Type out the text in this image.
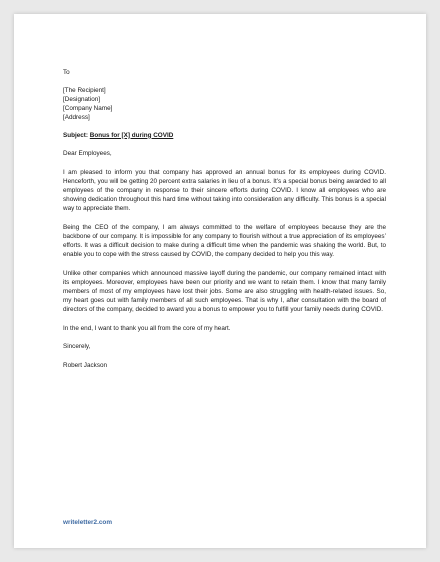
To
[The Recipient]
[Designation]
[Company Name]
[Address]
Subject: Bonus for [X] during COVID
Dear Employees,

I am pleased to inform you that company has approved an annual bonus for its employees during COVID. Henceforth, you will be getting 20 percent extra salaries in lieu of a bonus. It’s a special bonus being awarded to all employees of the company in response to their sincere efforts during COVID. I know all employees who are showing dedication throughout this hard time without taking into consideration any difficulty. This bonus is a special way to appreciate them.

Being the CEO of the company, I am always committed to the welfare of employees because they are the backbone of our company. It is impossible for any company to flourish without a true appreciation of its employees’ efforts. It was a difficult decision to make during a difficult time when the pandemic was shaking the world. But, to enable you to cope with the stress caused by COVID, the company decided to help you this way.

Unlike other companies which announced massive layoff during the pandemic, our company remained intact with its employees. Moreover, employees have been our priority and we want to retain them. I know that many family members of most of my employees have lost their jobs. Some are also struggling with health-related issues. So, my heart goes out with family members of all such employees. That is why I, after consultation with the board of directors of the company, decided to award you a bonus to empower you to fulfill your family needs during COVID.

In the end, I want to thank you all from the core of my heart.

Sincerely,
Robert Jackson
writeletter2.com
